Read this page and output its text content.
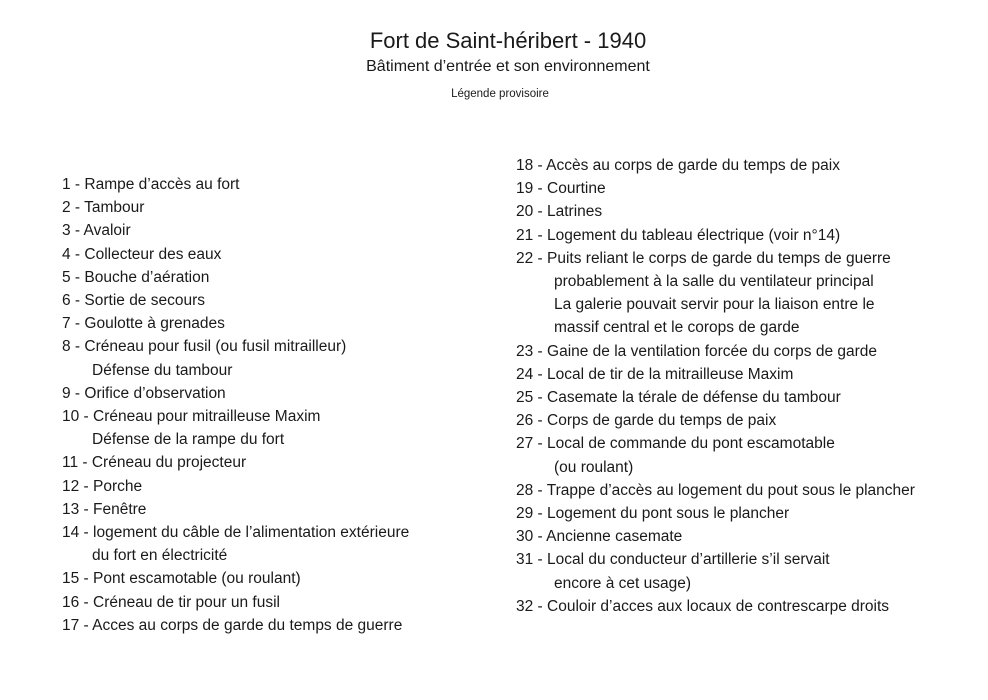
Fort de Saint-héribert - 1940
Bâtiment d’entrée et son environnement
Légende provisoire
1 - Rampe d’accès au fort
2 - Tambour
3 - Avaloir
4 - Collecteur des eaux
5 - Bouche d’aération
6 - Sortie de secours
7 - Goulotte à grenades
8 - Créneau pour fusil (ou fusil mitrailleur)
Défense du tambour
9 - Orifice d’observation
10 - Créneau pour mitrailleuse Maxim
Défense de la rampe du fort
11 - Créneau du projecteur
12 - Porche
13 - Fenêtre
14 - logement du câble de l’alimentation extérieure
du fort en électricité
15 - Pont escamotable (ou roulant)
16 - Créneau de tir pour un fusil
17 - Acces au corps de garde du temps de guerre
18 - Accès au corps de garde du temps de paix
19 - Courtine
20 - Latrines
21 - Logement du tableau électrique (voir n°14)
22 - Puits reliant le corps de garde du temps de guerre
probablement à la salle du ventilateur principal
La galerie pouvait servir pour la liaison entre le
massif central et le corops de garde
23 - Gaine de la ventilation forcée du corps de garde
24 - Local de tir de la mitrailleuse Maxim
25 - Casemate la térale de défense du tambour
26 - Corps de garde du temps de paix
27 - Local de commande du pont escamotable
(ou roulant)
28 - Trappe d’accès au logement du pout sous le plancher
29 - Logement du pont sous le plancher
30 - Ancienne casemate
31 - Local du conducteur d’artillerie s’il servait
encore à cet usage)
32 - Couloir d’acces aux locaux de contrescarpe droits
